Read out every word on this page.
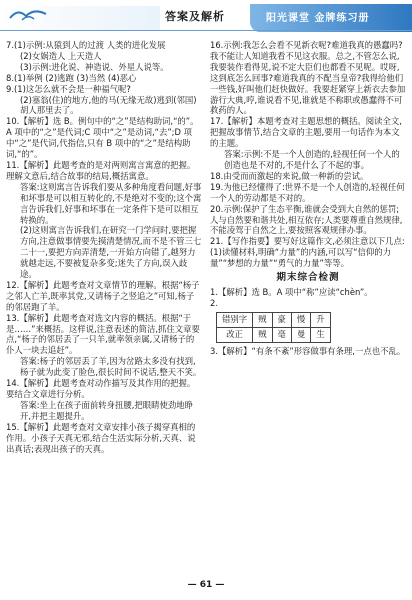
答案及解析	阳光课堂 金牌练习册

7.(1)示例:从猿到人的过渡 人类的进化发展

(2)女娲造人 上天造人

(3)示例:进化说、神造说、外星人说等。

8.(1)举例 (2)逃跑 (3)当然 (4)恶心

9.(1)这怎么就不会是一种福气呢?

(2)塞翁(住)的地方,他的马(无缘无故)逃到(邻国)胡人那里去了。

10.【解析】选 B。例句中的“之”是结构助词,“的”。A 项中的“之”是代词;C 项中“之”是动词,“去”;D 项中“之”是代词,代指信,只有 B 项中的“之”是结构助词,“的”。

11.【解析】此题考查的是对两则寓言寓意的把握。理解文意后,结合故事的结局,概括寓意。

答案:这则寓言告诉我们要从多种角度看问题,好事和坏事是可以相互转化的,不是绝对不变的;这个寓言告诉我们,好事和坏事在一定条件下是可以相互转换的。

(2)这则寓言告诉我们,在研究一门学问时,要把握方向,注意做事情要先摸清楚情况,而不是不管三七二十一,要把方向弄清楚,一开始方向错了,越努力就越走远,不要被复杂多变;迷失了方向,误入歧途。

12.【解析】此题考查对文章情节的理解。根据“杨子之邻人亡羊,既率其党,又请杨子之竖追之”可知,杨子的邻居跑了羊。

13.【解析】此题考查对选文内容的概括。根据“于是……”来概括。这样说,注意表述的简洁,抓住文章要点,“杨子的邻居丢了一只羊,就率领亲属,又请杨子的仆人一块去追赶”。

答案:杨子的邻居丢了羊,因为岔路太多没有找到,杨子就为此变了脸色,很长时间不说话,整天不笑。

14.【解析】此题考查对动作描写及其作用的把握。要结合文章进行分析。

答案:坐上在孩子面前转身扭腰,把眼睛使劲地睁开,并把主题提升。

15.【解析】此题考查对文章安排小孩子揭穿真相的作用。小孩子天真无邪,结合生活实际分析,天真、说出真话;表现出孩子的天真。

16.示例:我怎么会看不见新衣呢?难道我真的愚蠢吗?我不能让人知道我看不见这衣服。总之,不管怎么说,我要装作看得见,说不定大臣们也都看不见呢。哎呀,这到底怎么回事?难道我真的不配当皇帝?我得给他们一些钱,好叫他们赶快做好。我要赶紧穿上新衣去参加游行大典,哼,谁说看不见,谁就是不称职或愚蠢得不可救药的人。

17.【解析】本题考查对主题思想的概括。阅读全文,把握故事情节,结合文章的主题,要用一句话作为本文的主题。

答案:示例:不是一个人创造的,轻视任何一个人的创造也是不对的,不是什么了不起的事。

18.由受而而激起的来说,做一种新的尝试。

19.为他已经懂得了:世界不是一个人创造的,轻视任何一个人的劳动都是不对的。

20.示例:保护了生态平衡,谁就会受到大自然的惩罚;人与自然要和谐共处,相互依存;人类要尊重自然规律,不能凌驾于自然之上,要按照客观规律办事。

21.【写作指要】要写好这篇作文,必须注意以下几点:(1)读懂材料,明确“力量”的内涵,可以写“信仰的力量”“梦想的力量”“勇气的力量”等等。

期末综合检测

1.【解析】选 B。A 项中“称”应读“chèn”。

2.

错别字	贼	豪	慢	升
改正	贼	毫	曼	生

3.【解析】“有条不紊”形容做事有条理,一点也不乱。

— 61 —
